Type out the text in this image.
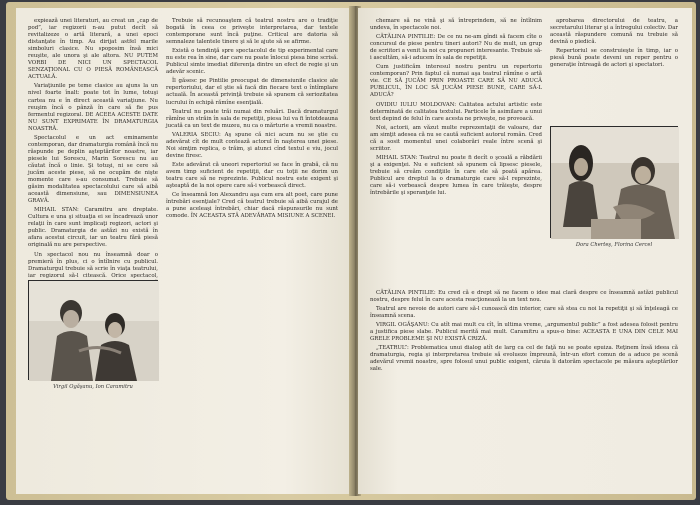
expiează unei literaturi, au creat un „cap de pod”, iar regizorii n-au putut decît să revitalizeze o artă literară, a unei epoci distanţate în timp. Au dirijat astfel marile simboluri clasice. Nu spoposim însă mici reuşite, ale unora şi ale altora. NU PUTEM VORBI DE NICI UN SPECTACOL SENZAŢIONAL CU O PIESĂ ROMÂNEASCĂ ACTUALĂ.

Variaţiunile pe teme clasice au ajuns la un nivel foarte înalt: poate tot în lume, totuşi cartea nu e în direct această variaţiune. Nu reuşim încă o pânză în care să fie pus fermentul regizoral. DE ACEEA ACESTE DATE NU SUNT EXPRIMATE ÎN DRAMATURGIA NOASTRĂ.

Spectacolul e un act eminamente contemporan, dar dramaturgia română încă nu răspunde pe deplin aşteptărilor noastre, iar piesele lui Sorescu, Marin Sorescu nu au căutat încă o linie. Şi totuşi, ni se cere să jucăm aceste piese, să ne ocupăm de nişte momente care s-au consumat. Trebuie să găsim modalitatea spectacolului care să aibă această dimensiune, sau DIMENSIUNEA GRAVĂ.

MIHAIL STAN: Caramitru are dreptate. Cultura e una şi situaţia ei se încadrează unor relaţii în care sunt implicaţi regizori, actori şi public. Dramaturgia de astăzi nu există în afara acestui circuit, iar un teatru fără piesă originală nu are perspective.

Un spectacol nou nu înseamnă doar o premieră în plus, ci o întîlnire cu publicul. Dramaturgul trebuie să scrie în viaţa teatrului, iar regizorul să-l citească. Orice spectacol,

Virgil Ogăşanu, Ion Caramitru

Trebuie să recunoaştem că teatrul nostru are o tradiţie bogată în ceea ce priveşte interpretarea, dar textele contemporane sunt încă puţine. Criticul are datoria să semnaleze talentele tinere şi să le ajute să se afirme.

Există o tendinţă spre spectacolul de tip experimental care nu este rea în sine, dar care nu poate înlocui piesa bine scrisă. Publicul simte imediat diferenţa dintre un efect de regie şi un adevăr scenic.

Îl găsesc pe Pintilie preocupat de dimensiunile clasice ale repertoriului, dar el ştie să facă din fiecare text o întîmplare actuală. În această privinţă trebuie să spunem că seriozitatea lucrului în echipă rămîne esenţială.

Teatrul nu poate trăi numai din reluări. Dacă dramaturgul rămîne un străin în sala de repetiţii, piesa lui va fi întotdeauna jucată ca un text de muzeu, nu ca o mărturie a vremii noastre.

VALERIA SECIU: Aş spune că nici acum nu se ştie cu adevărat cît de mult contează actorul în naşterea unei piese. Noi simţim replica, o trăim, şi atunci cînd textul e viu, jocul devine firesc.

Este adevărat că uneori repertoriul se face în grabă, că nu avem timp suficient de repetiţii, dar cu toţii ne dorim un teatru care să ne reprezinte. Publicul nostru este exigent şi aşteaptă de la noi opere care să-i vorbească direct.

Ce înseamnă Ion Alexandru aşa cum era alt poet, care pune întrebări esenţiale? Cred că teatrul trebuie să aibă curajul de a pune aceleaşi întrebări, chiar dacă răspunsurile nu sunt comode. ÎN ACEASTA STĂ ADEVĂRATA MISIUNE A SCENEI.

chemare să ne vină şi să întreprindem, să ne întîlnim undeva, în spectacole noi.

CĂTĂLINA PINTILIE: De ce nu ne-am gîndi să facem cîte o concursul de piese pentru tineri autori? Nu de mult, un grup de scriitori a venit la noi cu propuneri interesante. Trebuie să-i ascultăm, să-i aducem în sala de repetiţii.

Cum justificăm interesul nostru pentru un repertoriu contemporan? Prin faptul că numai aşa teatrul rămîne o artă vie. CE SĂ JUCĂM PRIN PROASTE CARE SĂ NU ADUCĂ PUBLICUL, ÎN LOC SĂ JUCĂM PIESE BUNE, CARE SĂ-L ADUCĂ?

OVIDIU IULIU MOLDOVAN: Calitatea actului artistic este determinată de calitatea textului. Particele în asimilare a unui text depind de felul în care acesta ne priveşte, ne provoacă.

Noi, actorii, am văzut multe reprezentaţii de valoare, dar am simţit adesea că nu se caută suficient autorul român. Cred că a sosit momentul unei colaborări reale între scenă şi scriitor.

MIHAIL STAN: Teatrul nu poate fi decît o şcoală a răbdării şi a exigenţei. Nu e suficient să spunem că lipsesc piesele, trebuie să creăm condiţiile în care ele să poată apărea. Publicul are dreptul la o dramaturgie care să-l reprezinte, care să-i vorbească despre lumea în care trăieşte, despre întrebările şi speranţele lui.

Dora Cherteş, Florina Cercel

aprobarea directorului de teatru, a secretarului literar şi a întregului colectiv. Dar această răspundere comună nu trebuie să devină o piedică.

Repertoriul se construieşte în timp, iar o piesă bună poate deveni un reper pentru o generaţie întreagă de actori şi spectatori.

CĂTĂLINA PINTILIE: Eu cred că e drept să ne facem o idee mai clară despre ce înseamnă astăzi publicul nostru, despre felul în care acesta reacţionează la un text nou.

Teatrul are nevoie de autori care să-l cunoască din interior, care să stea cu noi la repetiţii şi să înţeleagă ce înseamnă scena.

VIRGIL OGĂŞANU: Cu atît mai mult cu cît, în ultima vreme, „argumentul public” a fost adesea folosit pentru a justifica piese slabe. Publicul merită mai mult. Caramitru a spus-o bine: ACEASTA E UNA DIN CELE MAI GRELE PROBLEME ŞI NU EXISTĂ CRIZĂ.

„TEATRUL”: Problematica unui dialog atît de larg ca cel de faţă nu se poate epuiza. Reţinem însă ideea că dramaturgia, regia şi interpretarea trebuie să evolueze împreună, într-un efort comun de a aduce pe scenă adevărul vremii noastre, spre folosul unui public exigent, căruia îi datorăm spectacole pe măsura aşteptărilor sale.
